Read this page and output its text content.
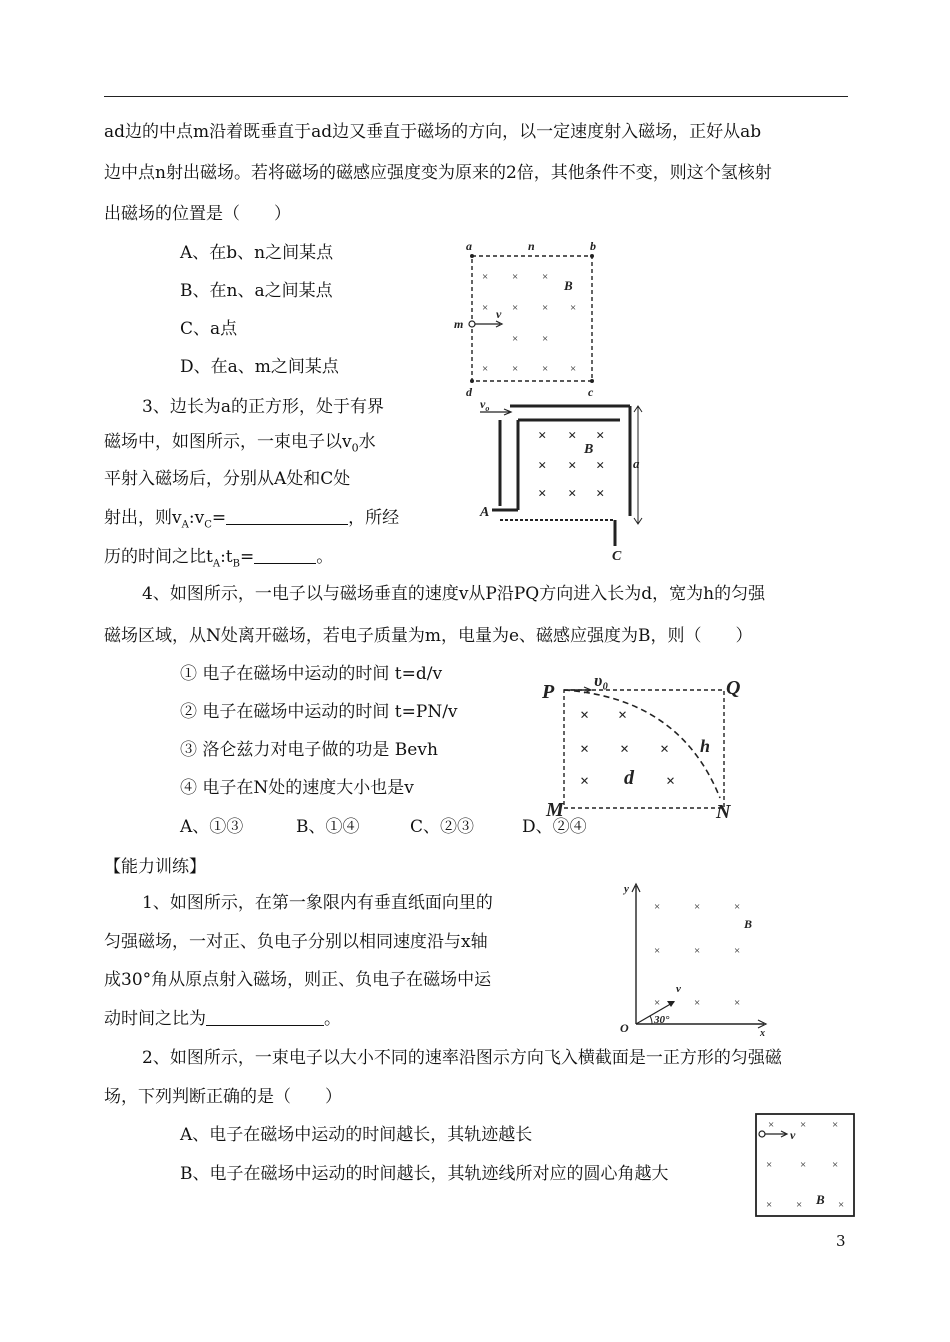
ad边的中点m沿着既垂直于ad边又垂直于磁场的方向，以一定速度射入磁场，正好从ab
边中点n射出磁场。若将磁场的磁感应强度变为原来的2倍，其他条件不变，则这个氢核射
出磁场的位置是（　　）
A、在b、n之间某点
B、在n、a之间某点
C、a点
D、在a、m之间某点
a	n	b
B
m
v
d	c
× × ×
× × × ×
× ×
× × × ×
3、边长为a的正方形，处于有界
磁场中，如图所示，一束电子以$v_0$水
平射入磁场后，分别从A处和C处
射出，则$v_A:v_C=$	，所经
历的时间之比$t_A:t_B=$	。
$v_o$
B
a
A
C
× × ×
× × ×
× × ×
4、如图所示，一电子以与磁场垂直的速度v从P沿PQ方向进入长为d，宽为h的匀强
磁场区域，从N处离开磁场，若电子质量为m，电量为e、磁感应强度为B，则（　　）
① 电子在磁场中运动的时间 t=d/v
② 电子在磁场中运动的时间 t=PN/v
③ 洛仑兹力对电子做的功是 Bevh
④ 电子在N处的速度大小也是v
A、①③	B、①④	C、②③	D、②④
P
υ₀	Q
h
d
M	N
× ×
× × ×
×	×
【能力训练】
1、如图所示，在第一象限内有垂直纸面向里的
匀强磁场，一对正、负电子分别以相同速度沿与x轴
成30°角从原点射入磁场，则正、负电子在磁场中运
动时间之比为	。
y
B
v
O
30°
x
×	×	×
×	×	×
×	×	×
2、如图所示，一束电子以大小不同的速率沿图示方向飞入横截面是一正方形的匀强磁
场，下列判断正确的是（　　）
A、电子在磁场中运动的时间越长，其轨迹越长
B、电子在磁场中运动的时间越长，其轨迹线所对应的圆心角越大
v
B
× × ×
×	× ×
× ×	×
3
